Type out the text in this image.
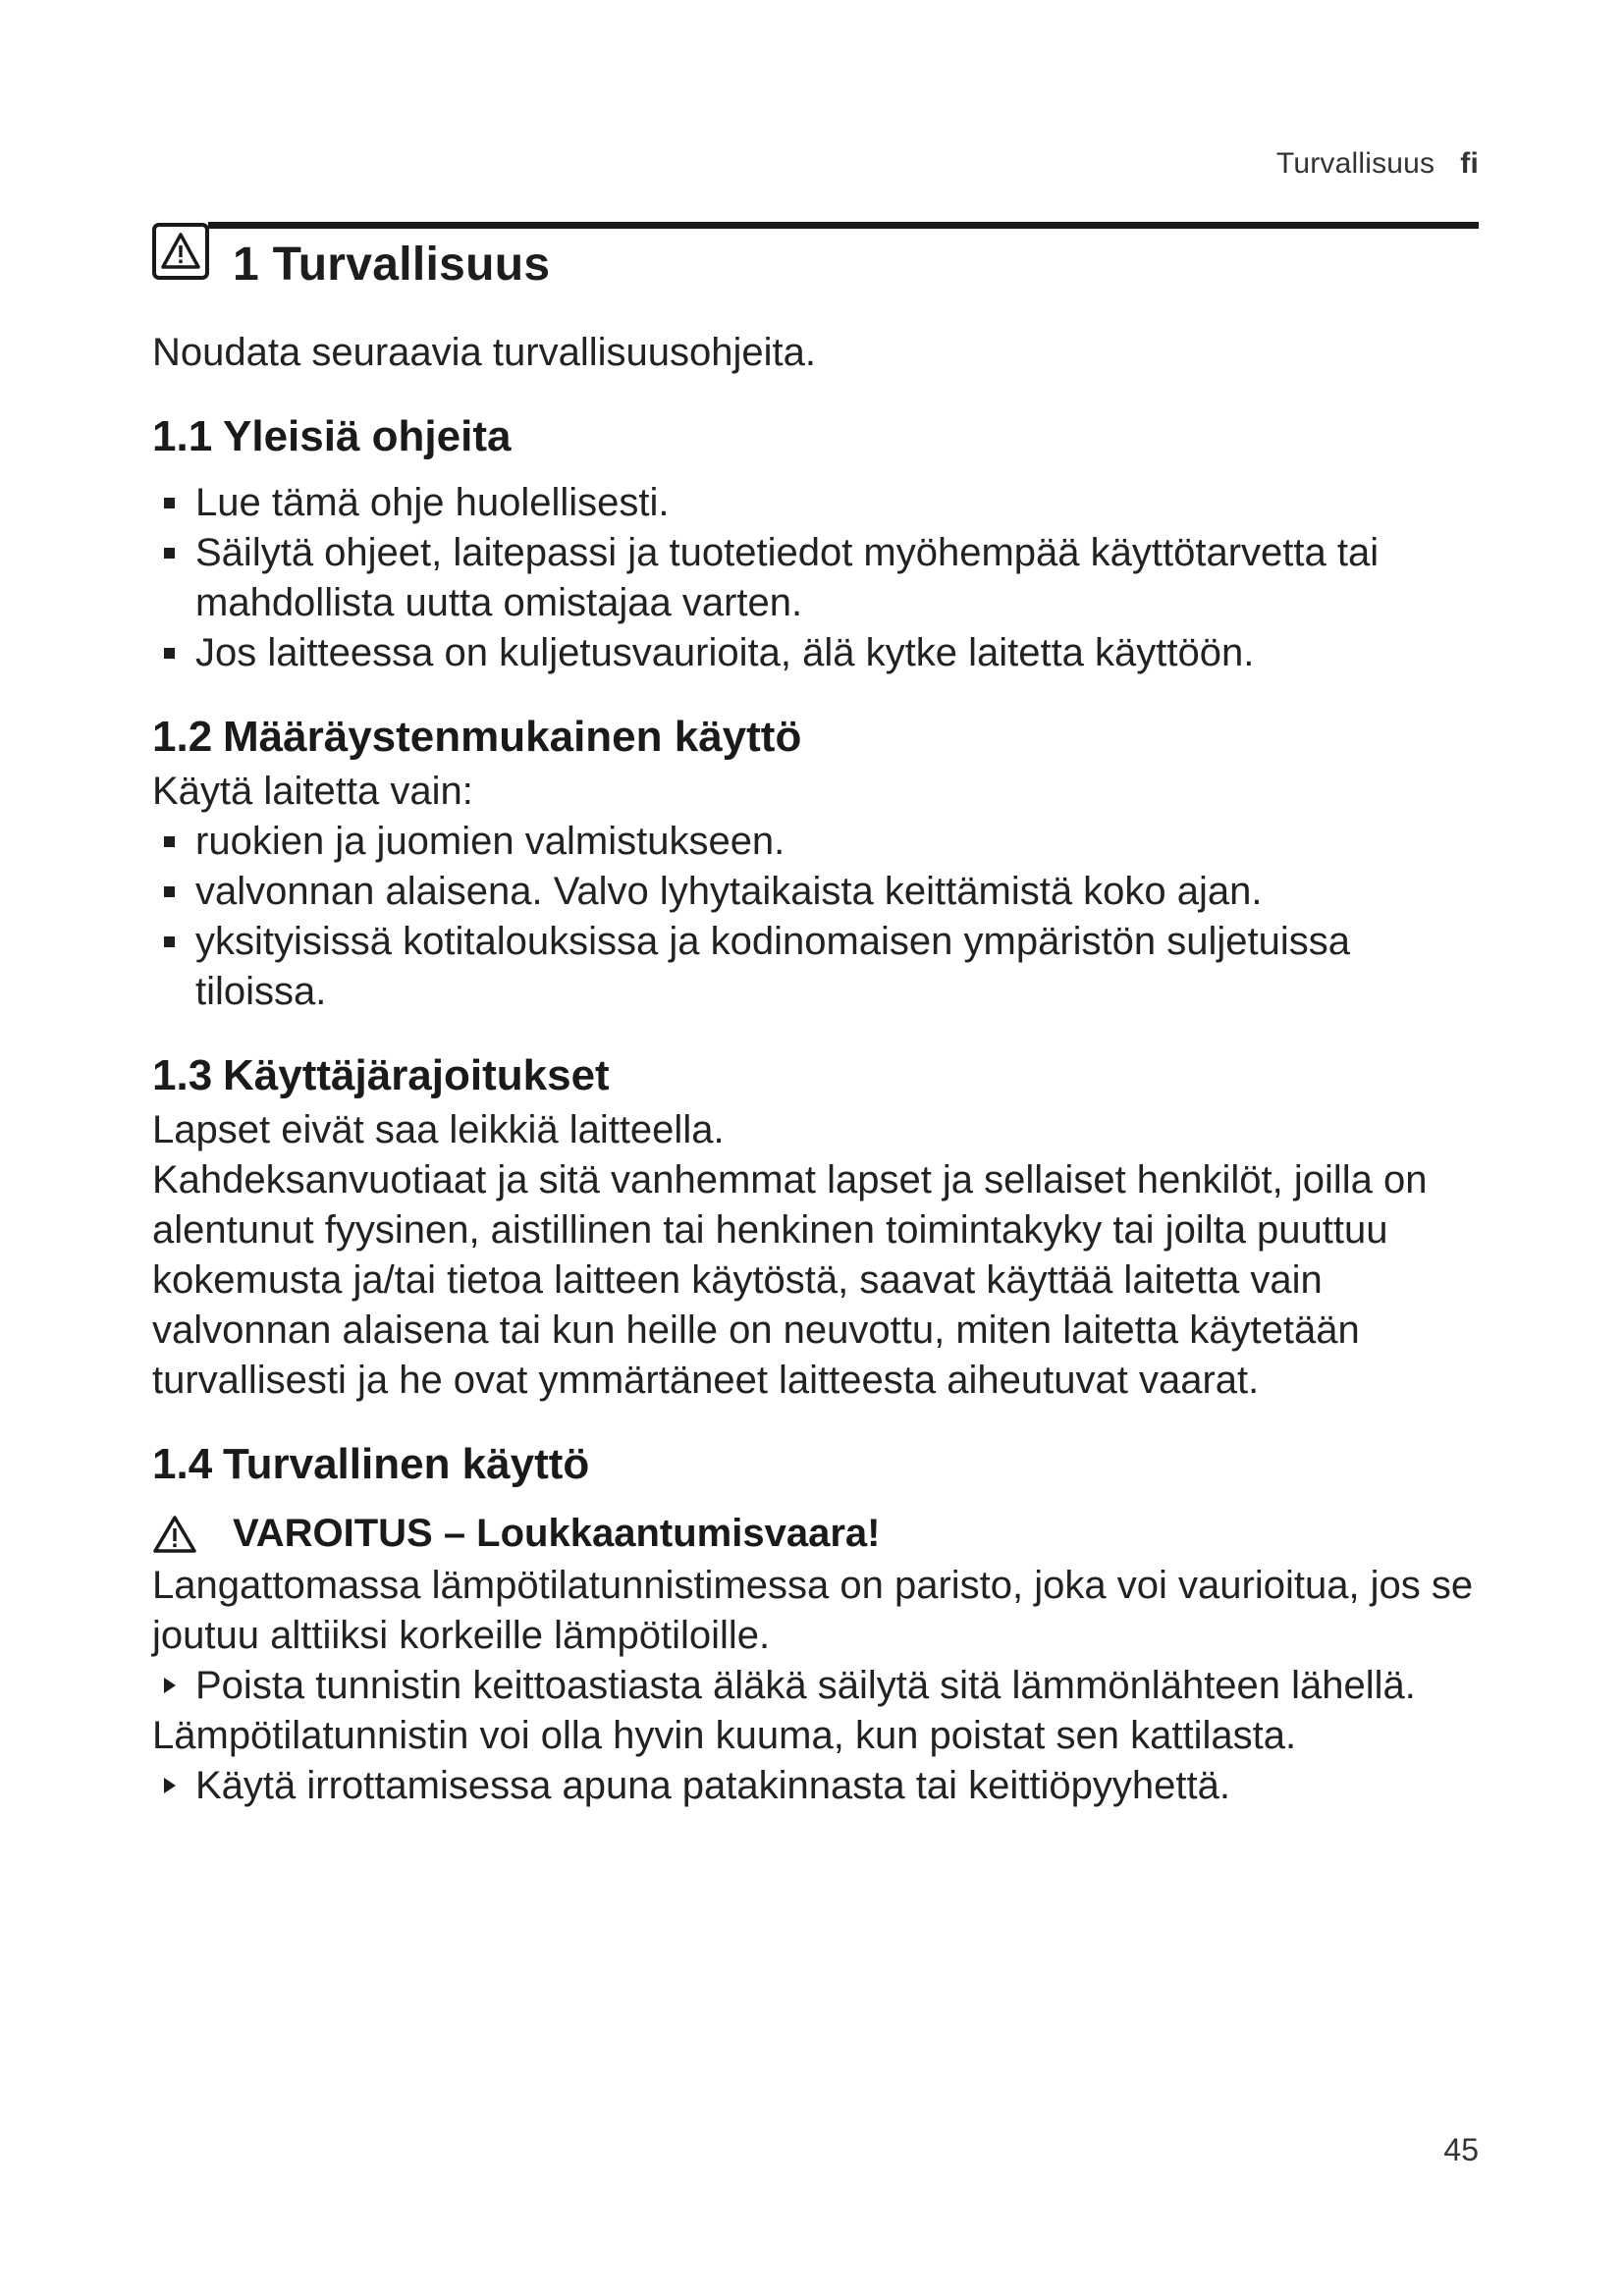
Turvallisuus fi
1 Turvallisuus

Noudata seuraavia turvallisuusohjeita.

1.1 Yleisiä ohjeita
Lue tämä ohje huolellisesti.
Säilytä ohjeet, laitepassi ja tuotetiedot myöhempää käyttötarvetta tai mahdollista uutta omistajaa varten.
Jos laitteessa on kuljetusvaurioita, älä kytke laitetta käyttöön.
1.2 Määräystenmukainen käyttö

Käytä laitetta vain:

ruokien ja juomien valmistukseen.
valvonnan alaisena. Valvo lyhytaikaista keittämistä koko ajan.
yksityisissä kotitalouksissa ja kodinomaisen ympäristön suljetuissa tiloissa.
1.3 Käyttäjärajoitukset

Lapset eivät saa leikkiä laitteella.

Kahdeksanvuotiaat ja sitä vanhemmat lapset ja sellaiset henkilöt, joilla on alentunut fyysinen, aistillinen tai henkinen toimintakyky tai joilta puuttuu kokemusta ja/tai tietoa laitteen käytöstä, saavat käyttää laitetta vain valvonnan alaisena tai kun heille on neuvottu, miten laitetta käytetään turvallisesti ja he ovat ymmärtäneet laitteesta aiheutuvat vaarat.

1.4 Turvallinen käyttö
VAROITUS – Loukkaantumisvaara!

Langattomassa lämpötilatunnistimessa on paristo, joka voi vaurioitua, jos se joutuu alttiiksi korkeille lämpötiloille.

Poista tunnistin keittoastiasta äläkä säilytä sitä lämmönlähteen lähellä.

Lämpötilatunnistin voi olla hyvin kuuma, kun poistat sen kattilasta.

Käytä irrottamisessa apuna patakinnasta tai keittiöpyyhettä.
45
